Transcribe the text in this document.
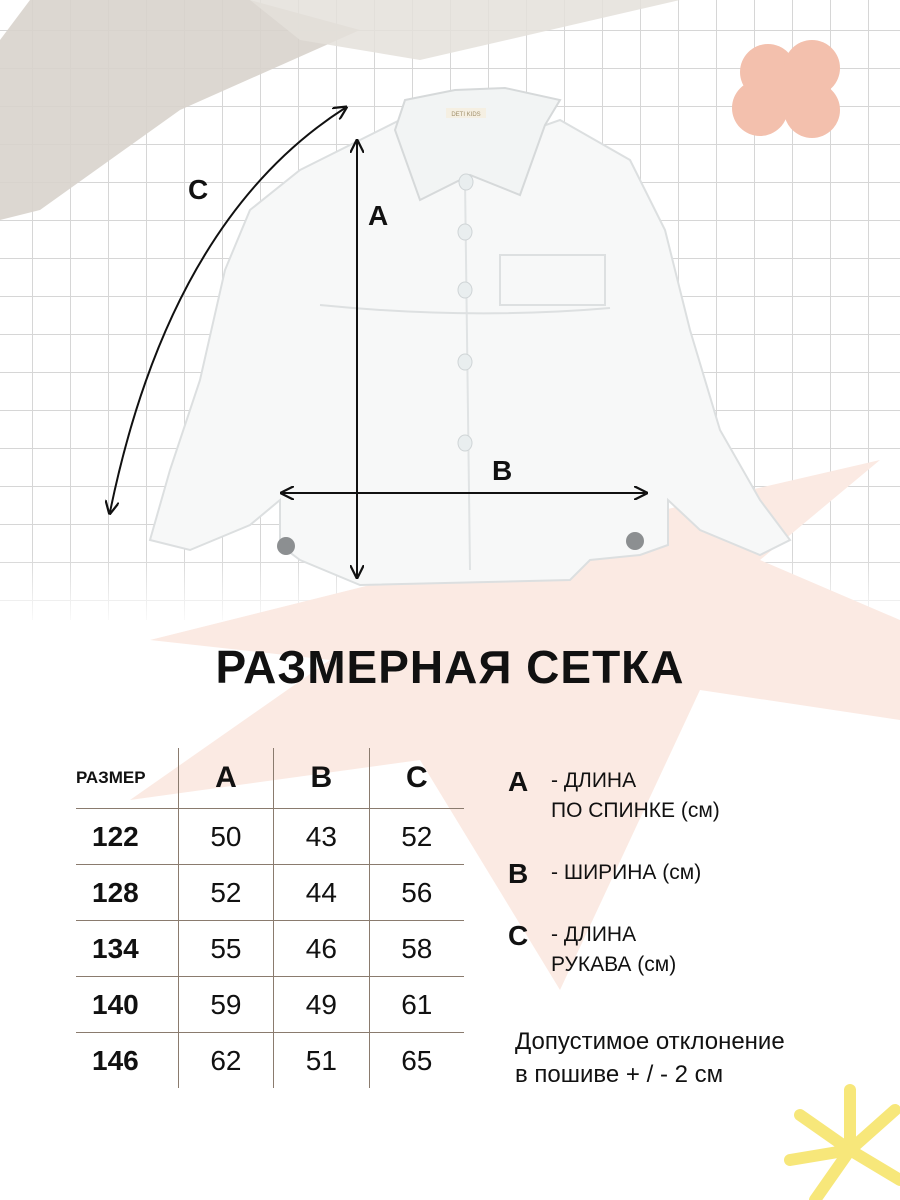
DETI KIDS
A
B
C
РАЗМЕРНАЯ СЕТКА
РАЗМЕР	A	B	C
122	50	43	52
128	52	44	56
134	55	46	58
140	59	49	61
146	62	51	65
A - ДЛИНА
ПО СПИНКЕ (см)
B - ШИРИНА (см)
C - ДЛИНА
РУКАВА (см)
Допустимое отклонение
в пошиве + / - 2 см
